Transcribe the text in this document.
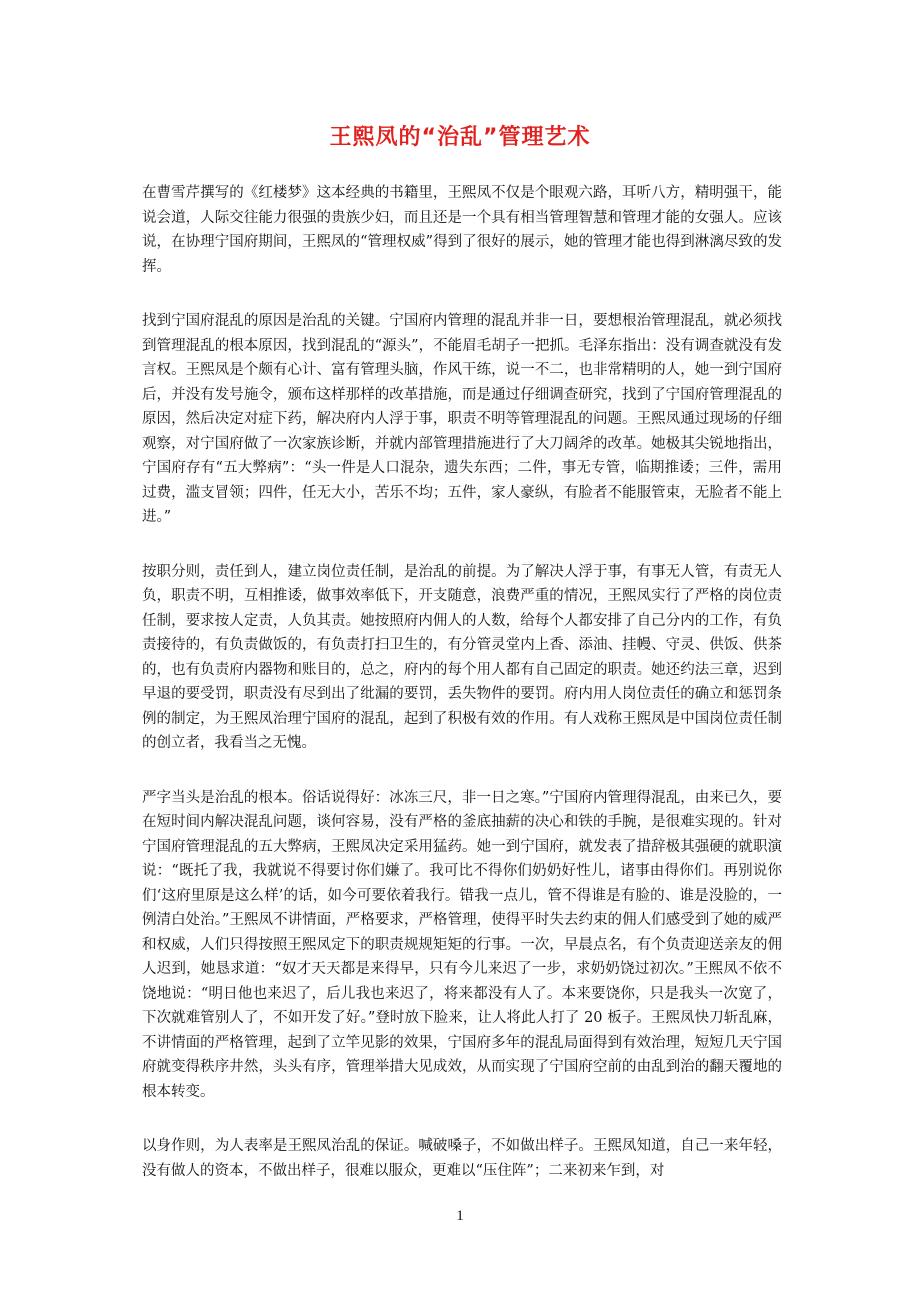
王熙凤的“治乱”管理艺术

在曹雪芹撰写的《红楼梦》这本经典的书籍里，王熙凤不仅是个眼观六路，耳听八方，精明强干，能说会道，人际交往能力很强的贵族少妇，而且还是一个具有相当管理智慧和管理才能的女强人。应该说，在协理宁国府期间，王熙凤的“管理权威”得到了很好的展示，她的管理才能也得到淋漓尽致的发挥。

找到宁国府混乱的原因是治乱的关键。宁国府内管理的混乱并非一日，要想根治管理混乱，就必须找到管理混乱的根本原因，找到混乱的“源头”，不能眉毛胡子一把抓。毛泽东指出：没有调查就没有发言权。王熙凤是个颇有心计、富有管理头脑，作风干练，说一不二，也非常精明的人，她一到宁国府后，并没有发号施令，颁布这样那样的改革措施，而是通过仔细调查研究，找到了宁国府管理混乱的原因，然后决定对症下药，解决府内人浮于事，职责不明等管理混乱的问题。王熙凤通过现场的仔细观察，对宁国府做了一次家族诊断，并就内部管理措施进行了大刀阔斧的改革。她极其尖锐地指出，宁国府存有“五大弊病”：“头一件是人口混杂，遗失东西；二件，事无专管，临期推诿；三件，需用过费，滥支冒领；四件，任无大小，苦乐不均；五件，家人豪纵，有脸者不能服管束，无脸者不能上进。”

按职分则，责任到人，建立岗位责任制，是治乱的前提。为了解决人浮于事，有事无人管，有责无人负，职责不明，互相推诿，做事效率低下，开支随意，浪费严重的情况，王熙凤实行了严格的岗位责任制，要求按人定责，人负其责。她按照府内佣人的人数，给每个人都安排了自己分内的工作，有负责接待的，有负责做饭的，有负责打扫卫生的，有分管灵堂内上香、添油、挂幔、守灵、供饭、供茶的，也有负责府内器物和账目的，总之，府内的每个用人都有自己固定的职责。她还约法三章，迟到早退的要受罚，职责没有尽到出了纰漏的要罚，丢失物件的要罚。府内用人岗位责任的确立和惩罚条例的制定，为王熙凤治理宁国府的混乱，起到了积极有效的作用。有人戏称王熙凤是中国岗位责任制的创立者，我看当之无愧。

严字当头是治乱的根本。俗话说得好：冰冻三尺，非一日之寒。”宁国府内管理得混乱，由来已久，要在短时间内解决混乱问题，谈何容易，没有严格的釜底抽薪的决心和铁的手腕，是很难实现的。针对宁国府管理混乱的五大弊病，王熙凤决定采用猛药。她一到宁国府，就发表了措辞极其强硬的就职演说：“既托了我，我就说不得要讨你们嫌了。我可比不得你们奶奶好性儿，诸事由得你们。再别说你们‘这府里原是这么样’的话，如今可要依着我行。错我一点儿，管不得谁是有脸的、谁是没脸的，一例清白处治。”王熙凤不讲情面，严格要求，严格管理，使得平时失去约束的佣人们感受到了她的威严和权威，人们只得按照王熙凤定下的职责规规矩矩的行事。一次，早晨点名，有个负责迎送亲友的佣人迟到，她恳求道：“奴才天天都是来得早，只有今儿来迟了一步，求奶奶饶过初次。”王熙凤不依不饶地说：“明日他也来迟了，后儿我也来迟了，将来都没有人了。本来要饶你，只是我头一次宽了，下次就难管别人了，不如开发了好。”登时放下脸来，让人将此人打了 20 板子。王熙凤快刀斩乱麻，不讲情面的严格管理，起到了立竿见影的效果，宁国府多年的混乱局面得到有效治理，短短几天宁国府就变得秩序井然，头头有序，管理举措大见成效，从而实现了宁国府空前的由乱到治的翻天覆地的根本转变。

以身作则，为人表率是王熙凤治乱的保证。喊破嗓子，不如做出样子。王熙凤知道，自己一来年轻，没有做人的资本，不做出样子，很难以服众，更难以“压住阵”；二来初来乍到，对

1
